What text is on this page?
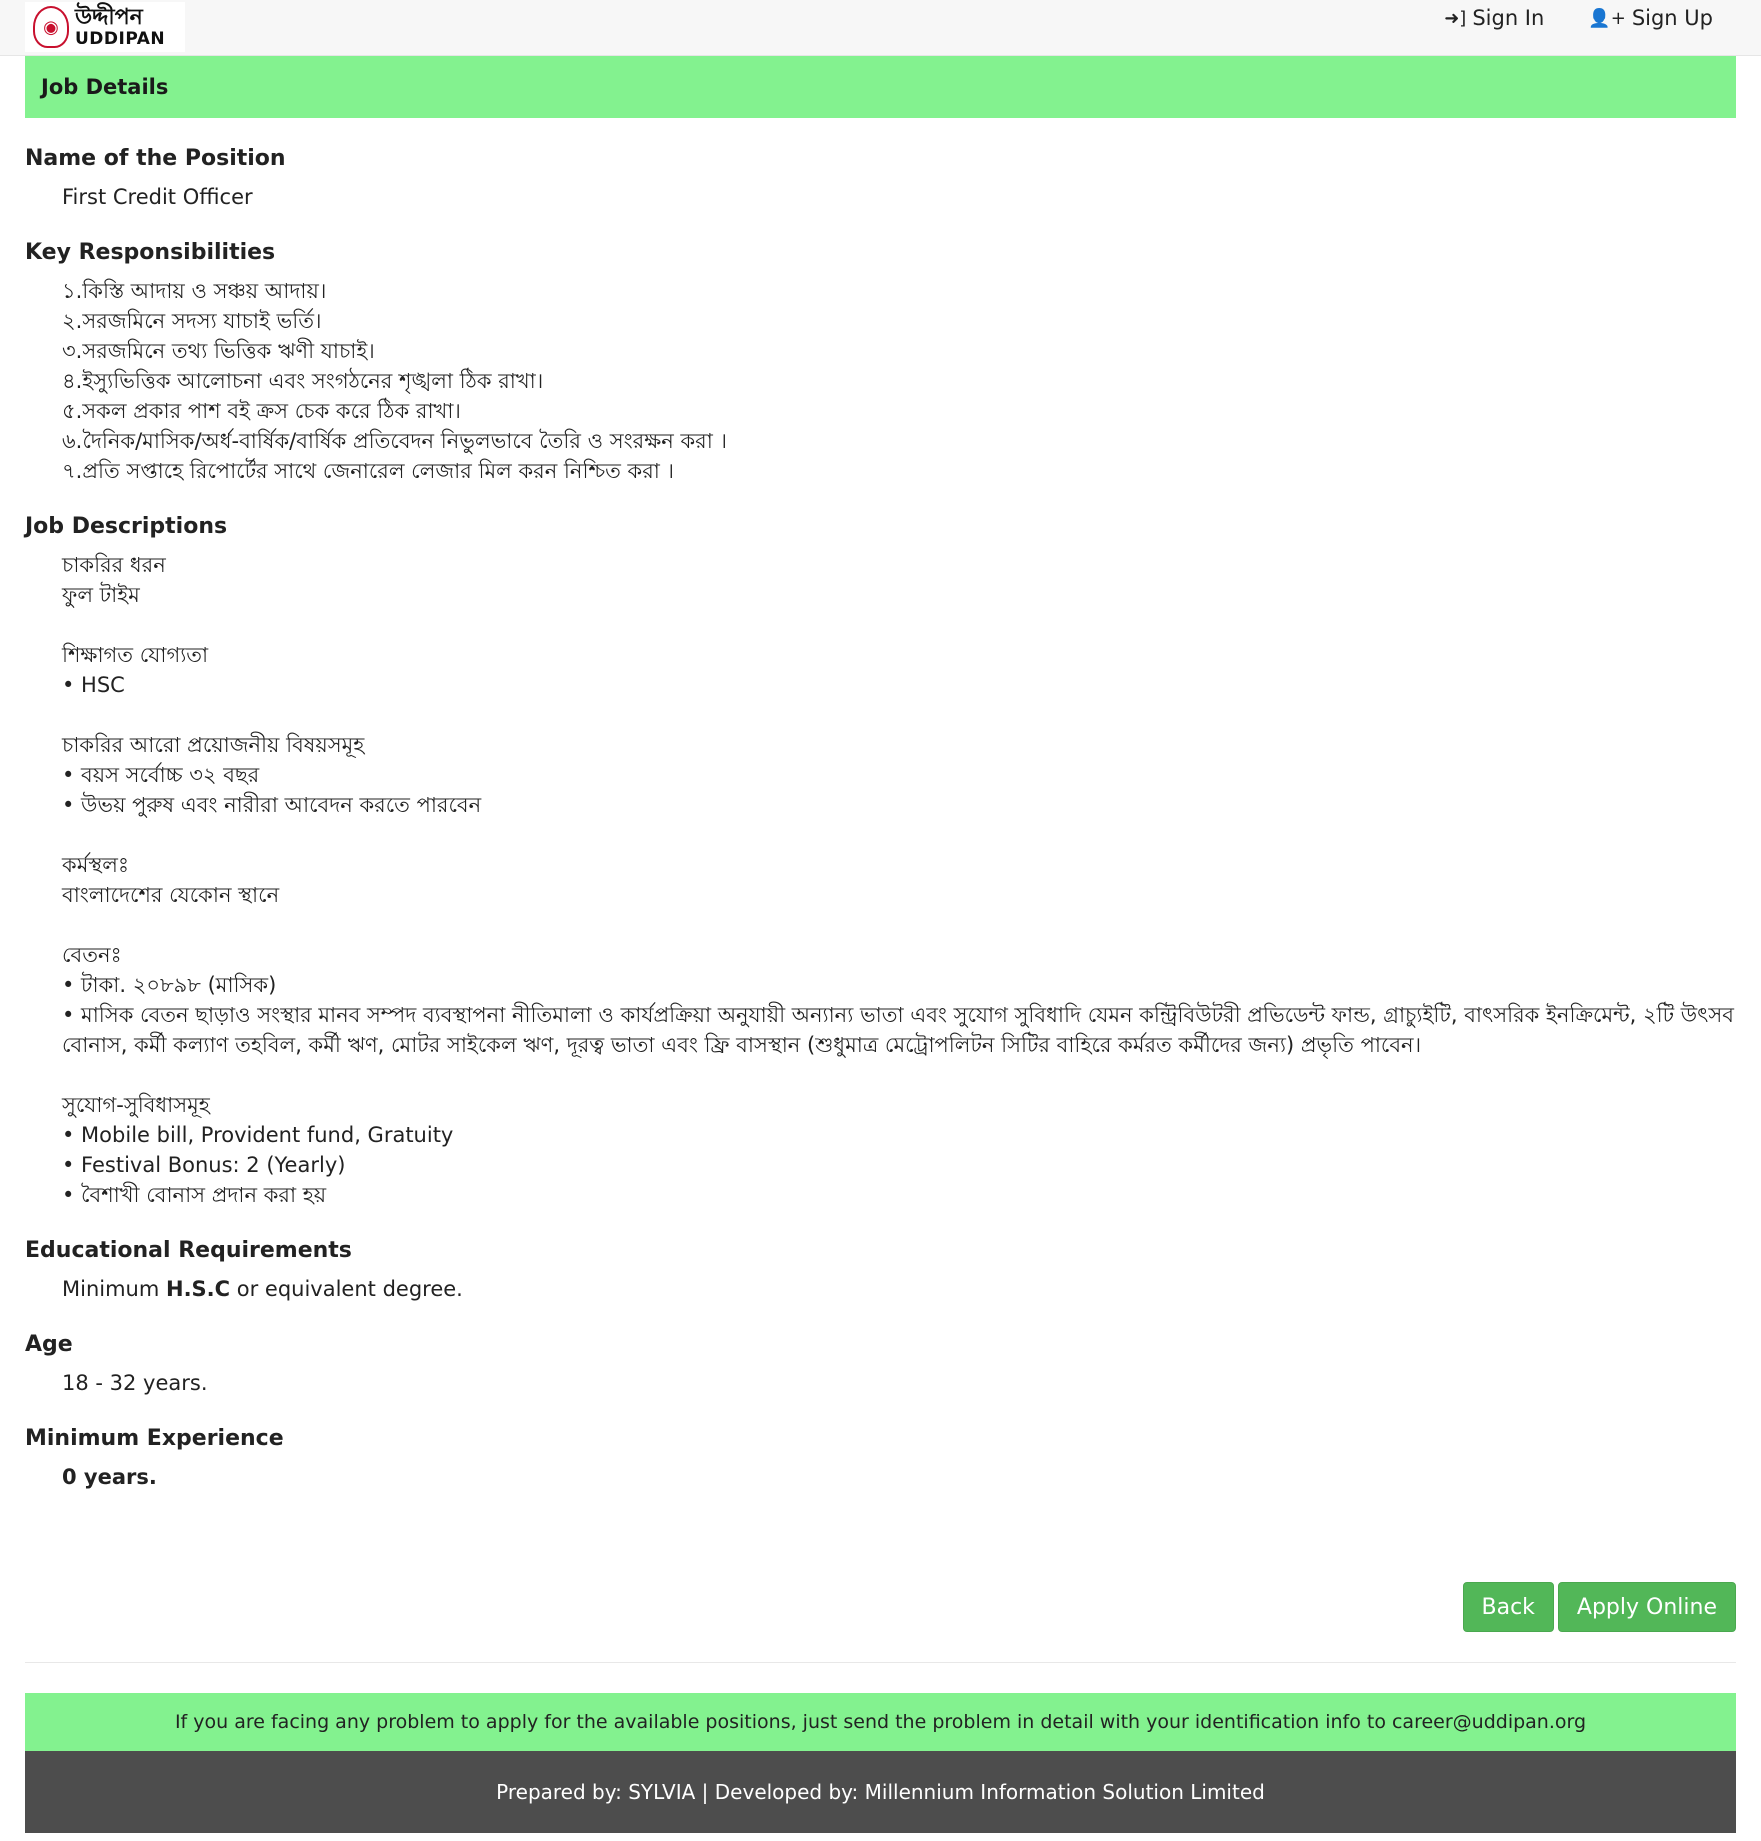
◉ উদ্দীপন
UDDIPAN
➜] Sign In 👤+ Sign Up
Job Details
Name of the Position
First Credit Officer
Key Responsibilities
১.কিস্তি আদায় ও সঞ্চয় আদায়।
২.সরজমিনে সদস্য যাচাই ভর্তি।
৩.সরজমিনে তথ্য ভিত্তিক ঋণী যাচাই।
৪.ইস্যুভিত্তিক আলোচনা এবং সংগঠনের শৃঙ্খলা ঠিক রাখা।
৫.সকল প্রকার পাশ বই ক্রস চেক করে ঠিক রাখা।
৬.দৈনিক/মাসিক/অর্ধ-বার্ষিক/বার্ষিক প্রতিবেদন নিভুলভাবে তৈরি ও সংরক্ষন করা ।
৭.প্রতি সপ্তাহে রিপোর্টের সাথে জেনারেল লেজার মিল করন নিশ্চিত করা ।
Job Descriptions
চাকরির ধরন
ফুল টাইম
শিক্ষাগত যোগ্যতা
• HSC
চাকরির আরো প্রয়োজনীয় বিষয়সমূহ
• বয়স সর্বোচ্চ ৩২ বছর
• উভয় পুরুষ এবং নারীরা আবেদন করতে পারবেন
কর্মস্থলঃ
বাংলাদেশের যেকোন স্থানে
বেতনঃ
• টাকা. ২০৮৯৮ (মাসিক)
• মাসিক বেতন ছাড়াও সংস্থার মানব সম্পদ ব্যবস্থাপনা নীতিমালা ও কার্যপ্রক্রিয়া অনুযায়ী অন্যান্য ভাতা এবং সুযোগ সুবিধাদি যেমন কন্ট্রিবিউটরী প্রভিডেন্ট ফান্ড, গ্রাচ্যুইটি, বাৎসরিক ইনক্রিমেন্ট, ২টি উৎসব বোনাস, কর্মী কল্যাণ তহবিল, কর্মী ঋণ, মোটর সাইকেল ঋণ, দূরত্ব ভাতা এবং ফ্রি বাসস্থান (শুধুমাত্র মেট্রোপলিটন সিটির বাহিরে কর্মরত কর্মীদের জন্য) প্রভৃতি পাবেন।
সুযোগ-সুবিধাসমূহ
• Mobile bill, Provident fund, Gratuity
• Festival Bonus: 2 (Yearly)
• বৈশাখী বোনাস প্রদান করা হয়
Educational Requirements
Minimum H.S.C or equivalent degree.
Age
18 - 32 years.
Minimum Experience
0 years.
Back	Apply Online
If you are facing any problem to apply for the available positions, just send the problem in detail with your identification info to career@uddipan.org
Prepared by: SYLVIA | Developed by: Millennium Information Solution Limited
